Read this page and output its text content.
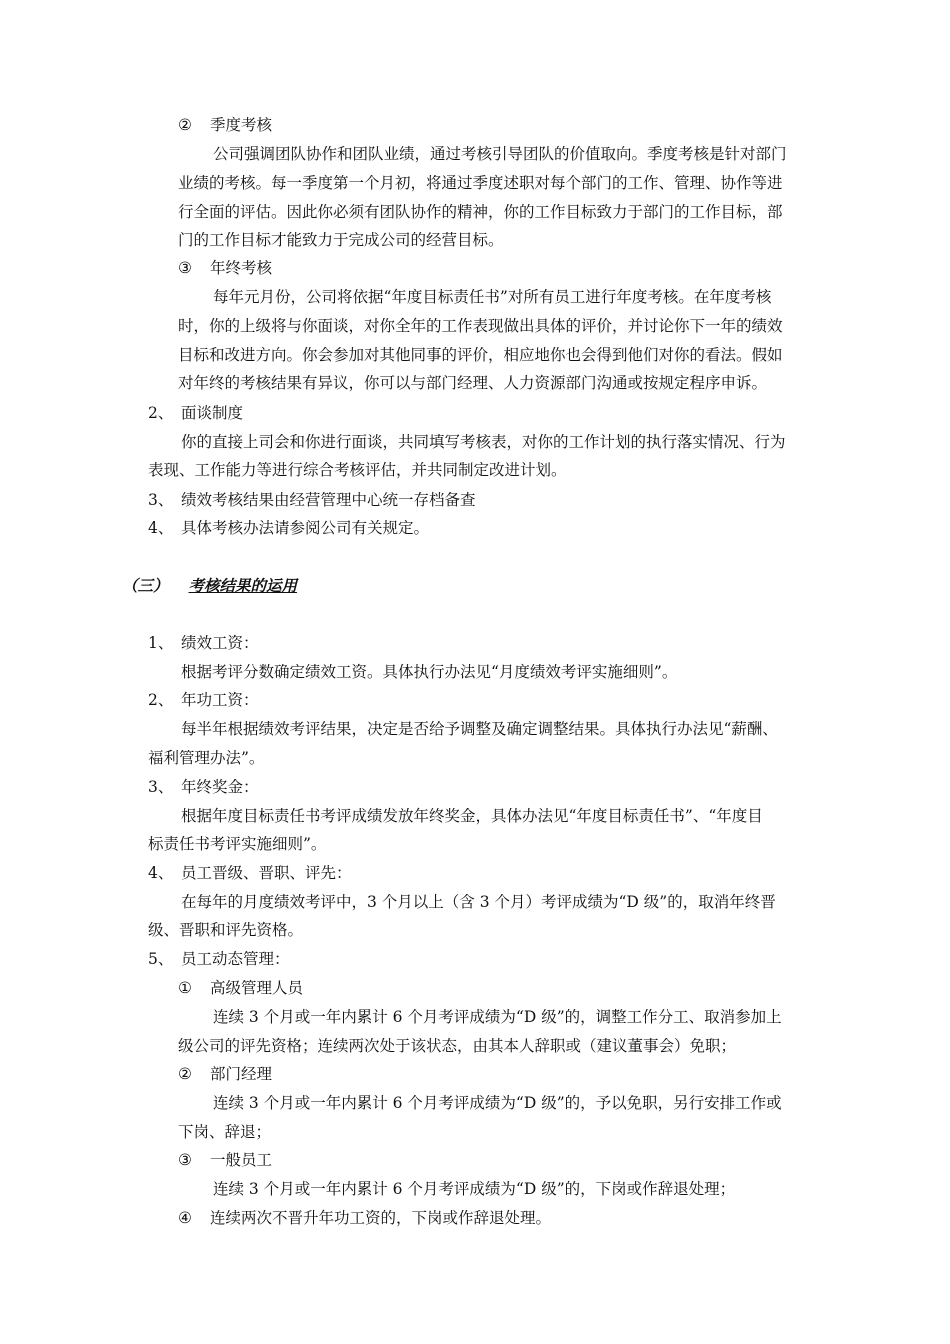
② 季度考核
公司强调团队协作和团队业绩，通过考核引导团队的价值取向。季度考核是针对部门
业绩的考核。每一季度第一个月初，将通过季度述职对每个部门的工作、管理、协作等进
行全面的评估。因此你必须有团队协作的精神，你的工作目标致力于部门的工作目标，部
门的工作目标才能致力于完成公司的经营目标。
③ 年终考核
每年元月份，公司将依据“年度目标责任书”对所有员工进行年度考核。在年度考核
时，你的上级将与你面谈，对你全年的工作表现做出具体的评价，并讨论你下一年的绩效
目标和改进方向。你会参加对其他同事的评价，相应地你也会得到他们对你的看法。假如
对年终的考核结果有异议，你可以与部门经理、人力资源部门沟通或按规定程序申诉。
2、 面谈制度
你的直接上司会和你进行面谈，共同填写考核表，对你的工作计划的执行落实情况、行为
表现、工作能力等进行综合考核评估，并共同制定改进计划。
3、 绩效考核结果由经营管理中心统一存档备查
4、 具体考核办法请参阅公司有关规定。
（三） 考核结果的运用
1、 绩效工资：
根据考评分数确定绩效工资。具体执行办法见“月度绩效考评实施细则”。
2、 年功工资：
每半年根据绩效考评结果，决定是否给予调整及确定调整结果。具体执行办法见“薪酬、
福利管理办法”。
3、 年终奖金：
根据年度目标责任书考评成绩发放年终奖金，具体办法见“年度目标责任书”、“年度目
标责任书考评实施细则”。
4、 员工晋级、晋职、评先：
在每年的月度绩效考评中，3 个月以上（含 3 个月）考评成绩为“D 级”的，取消年终晋
级、晋职和评先资格。
5、 员工动态管理：
① 高级管理人员
连续 3 个月或一年内累计 6 个月考评成绩为“D 级”的，调整工作分工、取消参加上
级公司的评先资格；连续两次处于该状态，由其本人辞职或（建议董事会）免职；
② 部门经理
连续 3 个月或一年内累计 6 个月考评成绩为“D 级”的，予以免职，另行安排工作或
下岗、辞退；
③ 一般员工
连续 3 个月或一年内累计 6 个月考评成绩为“D 级”的，下岗或作辞退处理；
④ 连续两次不晋升年功工资的，下岗或作辞退处理。
